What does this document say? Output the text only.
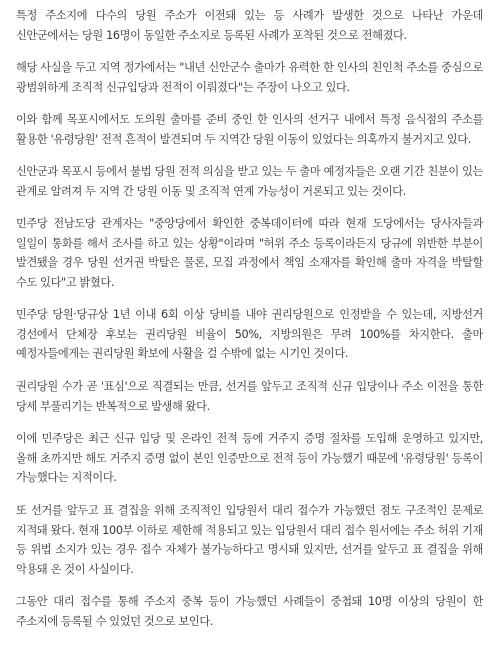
특정 주소지에 다수의 당원 주소가 이전돼 있는 등 사례가 발생한 것으로 나타난 가운데 신안군에서는 당원 16명이 동일한 주소지로 등록된 사례가 포착된 것으로 전해졌다.

해당 사실을 두고 지역 정가에서는 "내년 신안군수 출마가 유력한 한 인사의 친인척 주소를 중심으로 광범위하게 조직적 신규입당과 전적이 이뤄졌다"는 주장이 나오고 있다.

이와 함께 목포시에서도 도의원 출마를 준비 중인 한 인사의 선거구 내에서 특정 음식점의 주소를 활용한 '유령당원' 전적 흔적이 발견되며 두 지역간 당원 이동이 있었다는 의혹까지 불거지고 있다.

신안군과 목포시 등에서 불법 당원 전적 의심을 받고 있는 두 출마 예정자들은 오랜 기간 친분이 있는 관계로 알려져 두 지역 간 당원 이동 및 조직적 연계 가능성이 거론되고 있는 것이다.

민주당 전남도당 관계자는 "중앙당에서 확인한 중복데이터에 따라 현재 도당에서는 당사자들과 일일이 통화를 해서 조사를 하고 있는 상황"이라며 "허위 주소 등록이라든지 당규에 위반한 부분이 발견됐을 경우 당원 선거권 박탈은 물론, 모집 과정에서 책임 소재자를 확인해 출마 자격을 박탈할 수도 있다"고 밝혔다.

민주당 당원·당규상 1년 이내 6회 이상 당비를 내야 권리당원으로 인정받을 수 있는데, 지방선거 경선에서 단체장 후보는 권리당원 비율이 50%, 지방의원은 무려 100%를 차지한다. 출마 예정자들에게는 권리당원 확보에 사활을 걸 수밖에 없는 시기인 것이다.

권리당원 수가 곧 '표심'으로 직결되는 만큼, 선거를 앞두고 조직적 신규 입당이나 주소 이전을 통한 당세 부풀리기는 반복적으로 발생해 왔다.

이에 민주당은 최근 신규 입당 및 온라인 전적 등에 거주지 증명 절차를 도입해 운영하고 있지만, 올해 초까지만 해도 거주지 증명 없이 본인 인증만으로 전적 등이 가능했기 때문에 '유령당원' 등록이 가능했다는 지적이다.

또 선거를 앞두고 표 결집을 위해 조직적인 입당원서 대리 접수가 가능했던 점도 구조적인 문제로 지적돼 왔다. 현재 100부 이하로 제한해 적용되고 있는 입당원서 대리 접수 원서에는 주소 허위 기재 등 위법 소지가 있는 경우 접수 자체가 불가능하다고 명시돼 있지만, 선거를 앞두고 표 결집을 위해 악용돼 온 것이 사실이다.

그동안 대리 접수를 통해 주소지 중복 등이 가능했던 사례들이 중첩돼 10명 이상의 당원이 한 주소지에 등록될 수 있었던 것으로 보인다.
